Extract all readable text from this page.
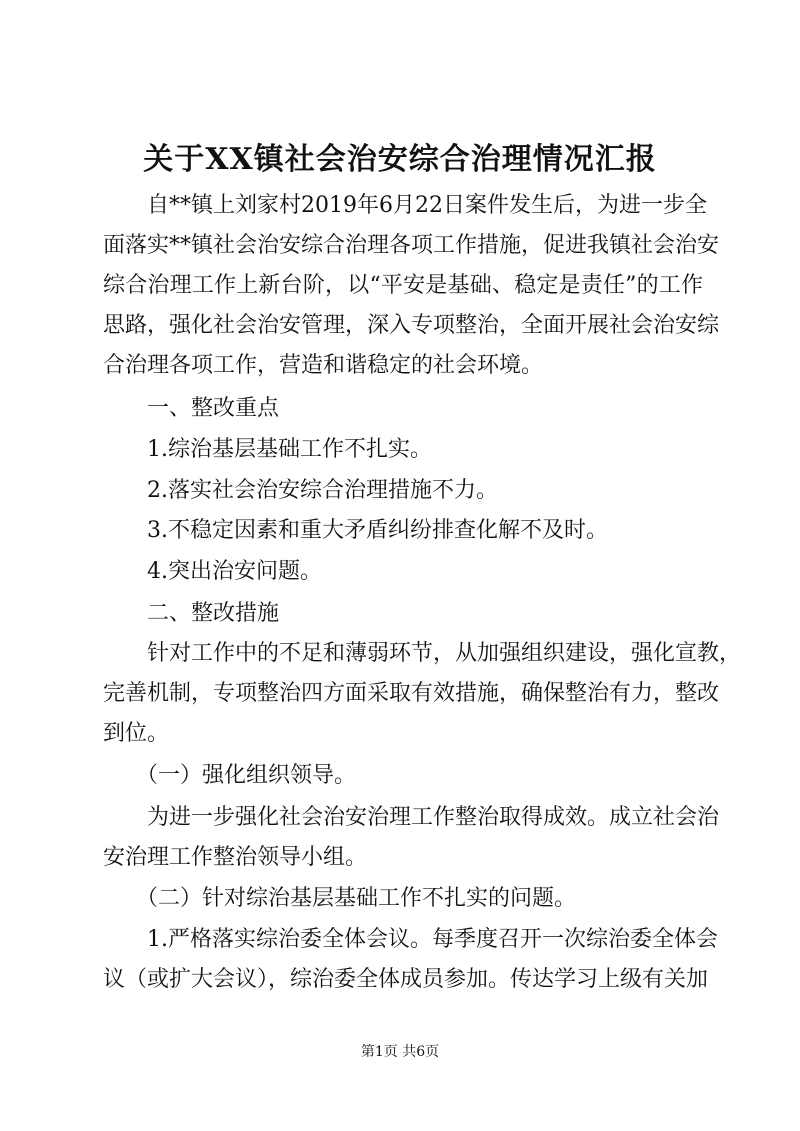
关于XX镇社会治安综合治理情况汇报
　　自**镇上刘家村2019年6月22日案件发生后，为进一步全
面落实**镇社会治安综合治理各项工作措施，促进我镇社会治安
综合治理工作上新台阶，以“平安是基础、稳定是责任”的工作
思路，强化社会治安管理，深入专项整治，全面开展社会治安综
合治理各项工作，营造和谐稳定的社会环境。
　　一、整改重点
　　1.综治基层基础工作不扎实。
　　2.落实社会治安综合治理措施不力。
　　3.不稳定因素和重大矛盾纠纷排查化解不及时。
　　4.突出治安问题。
　　二、整改措施
　　针对工作中的不足和薄弱环节，从加强组织建设，强化宣教，
完善机制，专项整治四方面采取有效措施，确保整治有力，整改
到位。
　　（一）强化组织领导。
　　为进一步强化社会治安治理工作整治取得成效。成立社会治
安治理工作整治领导小组。
　　（二）针对综治基层基础工作不扎实的问题。
　　1.严格落实综治委全体会议。每季度召开一次综治委全体会
议（或扩大会议），综治委全体成员参加。传达学习上级有关加
第1页 共6页
